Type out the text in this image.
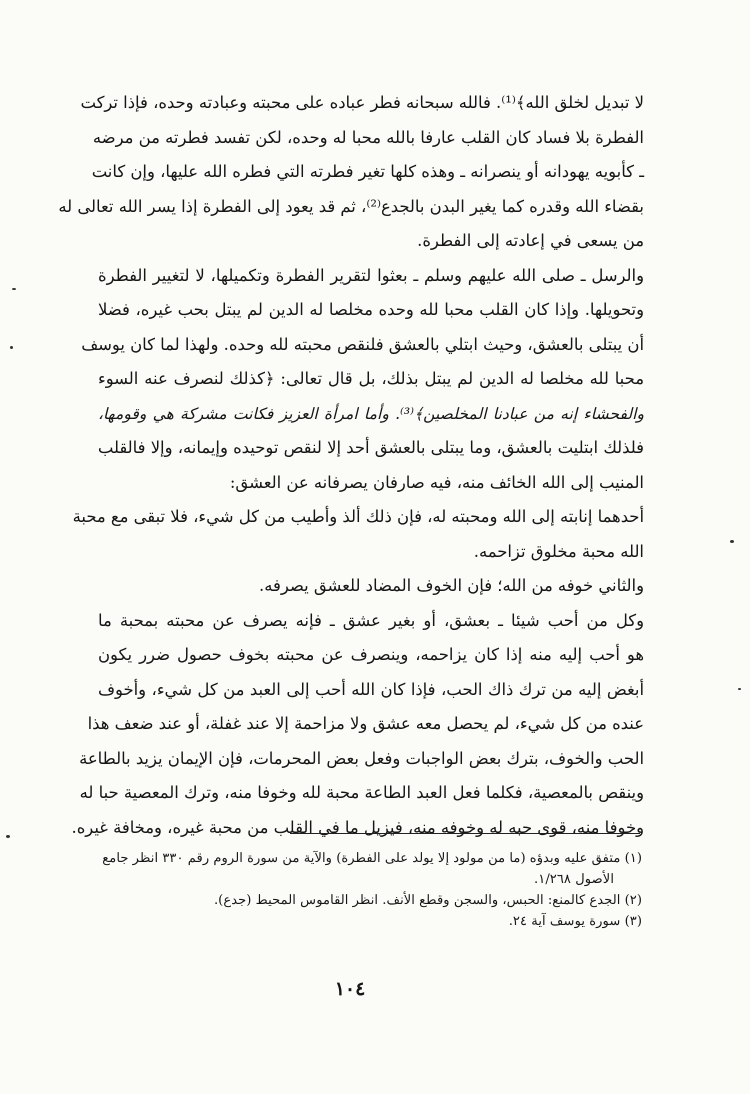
لا تبديل لخلق الله﴾⁽¹⁾. فالله سبحانه فطر عباده على محبته وعبادته وحده، فإذا تركت
الفطرة بلا فساد كان القلب عارفا بالله محبا له وحده، لكن تفسد فطرته من مرضه
ـ كأبويه يهودانه أو ينصرانه ـ وهذه كلها تغير فطرته التي فطره الله عليها، وإن كانت
بقضاء الله وقدره كما يغير البدن بالجدع⁽²⁾، ثم قد يعود إلى الفطرة إذا يسر الله تعالى له
من يسعى في إعادته إلى الفطرة.
والرسل ـ صلى الله عليهم وسلم ـ بعثوا لتقرير الفطرة وتكميلها، لا لتغيير الفطرة
وتحويلها. وإذا كان القلب محبا لله وحده مخلصا له الدين لم يبتل بحب غيره، فضلا
أن يبتلى بالعشق، وحيث ابتلي بالعشق فلنقص محبته لله وحده. ولهذا لما كان يوسف
محبا لله مخلصا له الدين لم يبتل بذلك، بل قال تعالى: ﴿كذلك لنصرف عنه السوء
والفحشاء إنه من عبادنا المخلصين﴾⁽³⁾. وأما امرأة العزيز فكانت مشركة هي وقومها،
فلذلك ابتليت بالعشق، وما يبتلى بالعشق أحد إلا لنقص توحيده وإيمانه، وإلا فالقلب
المنيب إلى الله الخائف منه، فيه صارفان يصرفانه عن العشق:
أحدهما إنابته إلى الله ومحبته له، فإن ذلك ألذ وأطيب من كل شيء، فلا تبقى مع محبة
الله محبة مخلوق تزاحمه.
والثاني خوفه من الله؛ فإن الخوف المضاد للعشق يصرفه.
وكل من أحب شيئا ـ بعشق، أو بغير عشق ـ فإنه يصرف عن محبته بمحبة ما
هو أحب إليه منه إذا كان يزاحمه، وينصرف عن محبته بخوف حصول ضرر يكون
أبغض إليه من ترك ذاك الحب، فإذا كان الله أحب إلى العبد من كل شيء، وأخوف
عنده من كل شيء، لم يحصل معه عشق ولا مزاحمة إلا عند غفلة، أو عند ضعف هذا
الحب والخوف، بترك بعض الواجبات وفعل بعض المحرمات، فإن الإيمان يزيد بالطاعة
وينقص بالمعصية، فكلما فعل العبد الطاعة محبة لله وخوفا منه، وترك المعصية حبا له
وخوفا منه، قوى حبه له وخوفه منه، فيزيل ما في القلب من محبة غيره، ومخافة غيره.
(١) متفق عليه وبدؤه (ما من مولود إلا يولد على الفطرة) والآية من سورة الروم رقم ٣٣٠ انظر جامع
الأصول ١/٢٦٨.
(٢) الجدع كالمنع: الحبس، والسجن وقطع الأنف. انظر القاموس المحيط (جدع).
(٣) سورة يوسف آية ٢٤.
١٠٤
